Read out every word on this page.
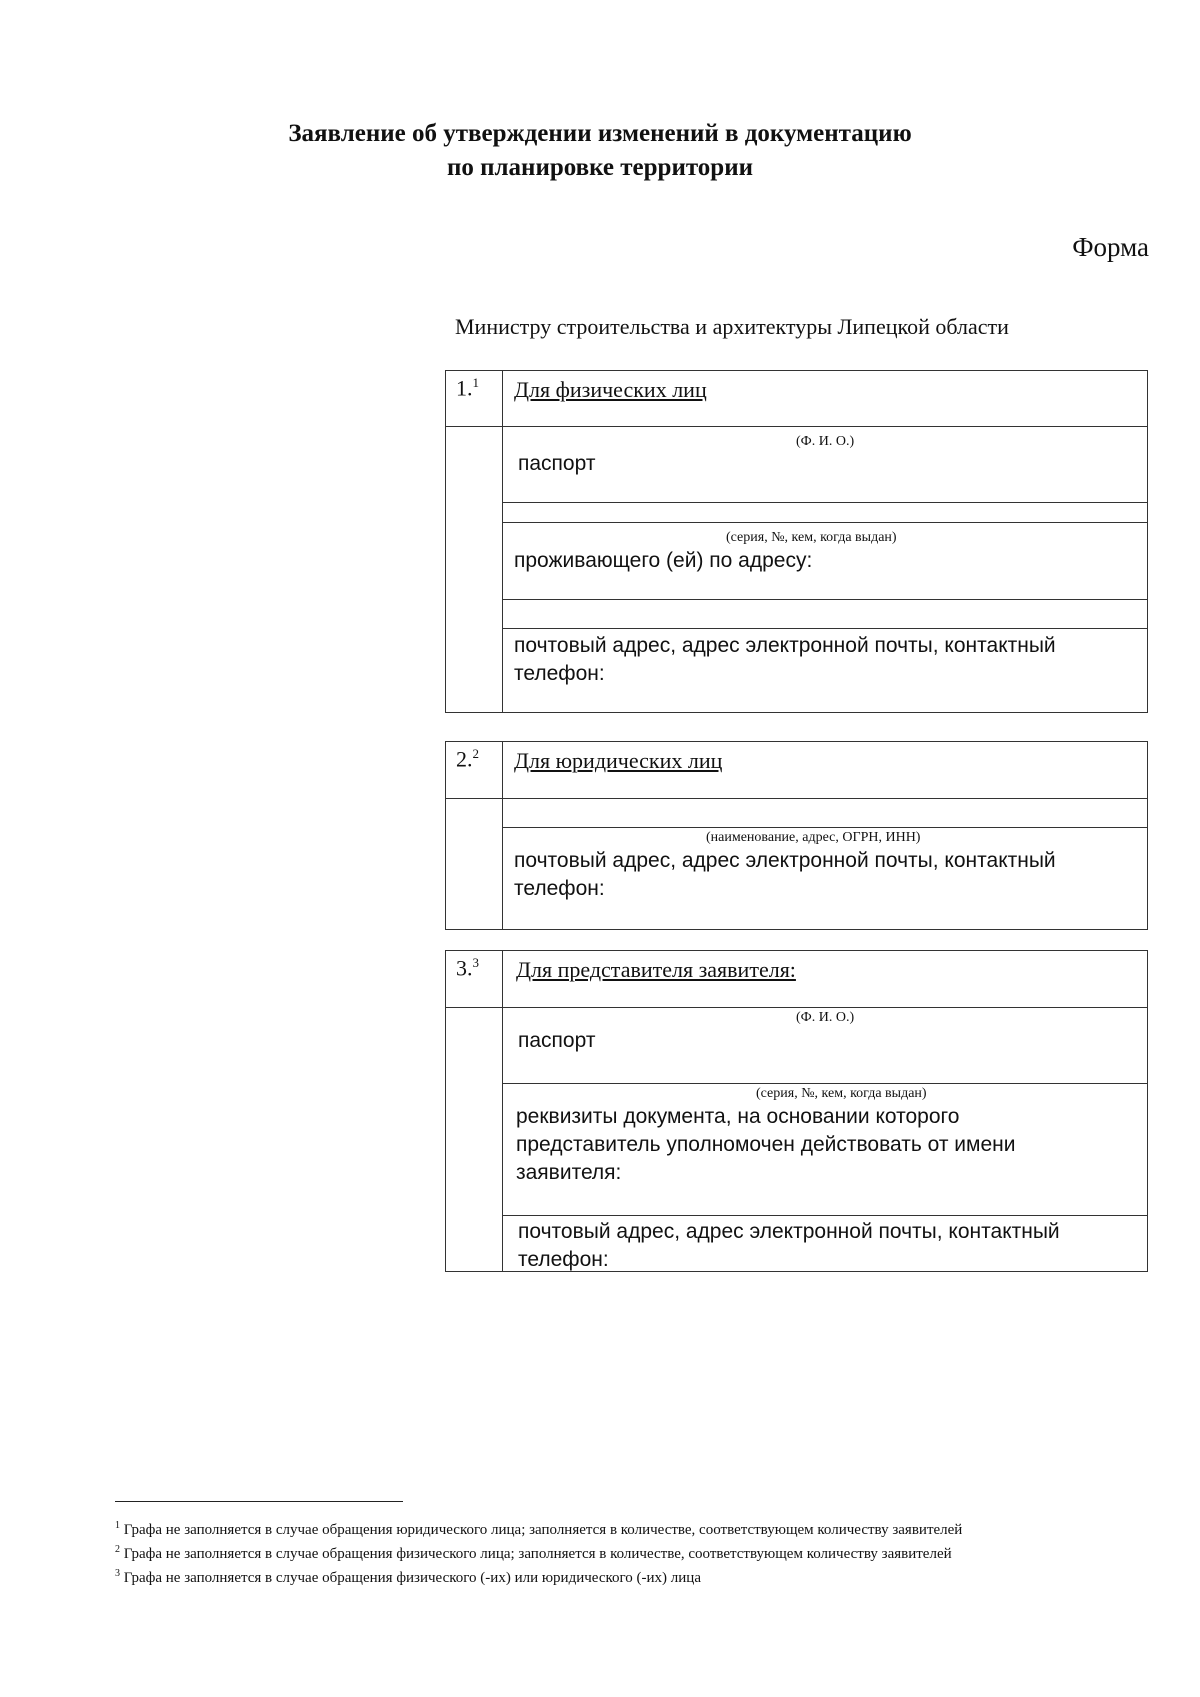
Заявление об утверждении изменений в документацию
по планировке территории
Форма
Министру строительства и архитектуры Липецкой области
1.$^1$ Для физических лиц
(Ф. И. О.)
паспорт
(серия, №, кем, когда выдан)
проживающего (ей) по адресу:
почтовый адрес, адрес электронной почты, контактный
телефон:
2.$^2$ Для юридических лиц
(наименование, адрес, ОГРН, ИНН)
почтовый адрес, адрес электронной почты, контактный
телефон:
3.$^3$ Для представителя заявителя:
(Ф. И. О.)
паспорт
(серия, №, кем, когда выдан)
реквизиты документа, на основании которого
представитель уполномочен действовать от имени
заявителя:
почтовый адрес, адрес электронной почты, контактный
телефон:
$^1$ Графа не заполняется в случае обращения юридического лица; заполняется в количестве, соответствующем количеству заявителей
$^2$ Графа не заполняется в случае обращения физического лица; заполняется в количестве, соответствующем количеству заявителей
$^3$ Графа не заполняется в случае обращения физического (-их) или юридического (-их) лица
